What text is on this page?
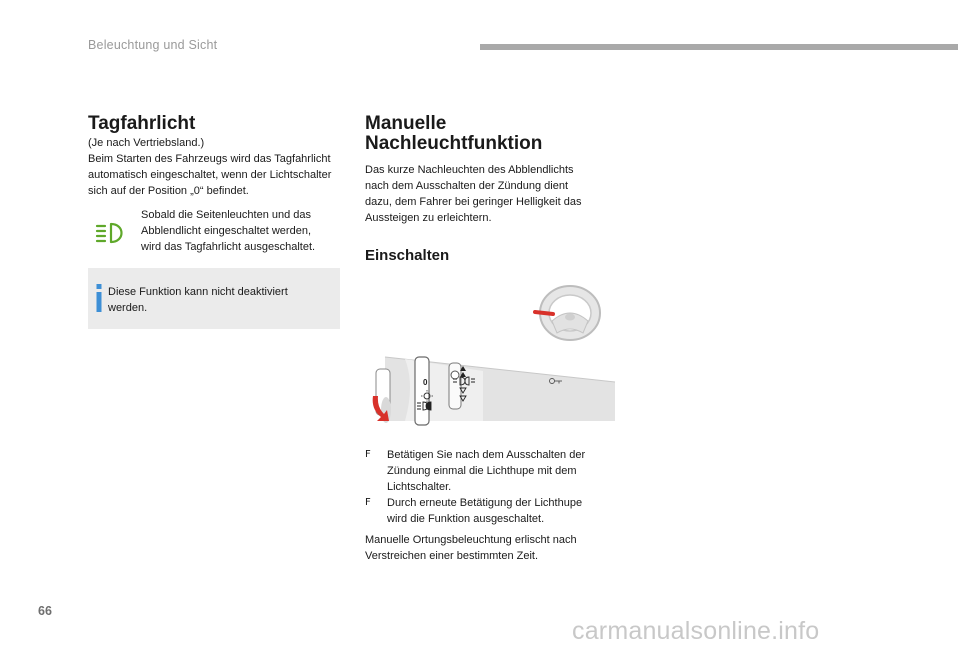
Beleuchtung und Sicht
Tagfahrlicht

(Je nach Vertriebsland.)

Beim Starten des Fahrzeugs wird das Tagfahrlicht

automatisch eingeschaltet, wenn der Lichtschalter

sich auf der Position „0“ befindet.

Sobald die Seitenleuchten und das

Abblendlicht eingeschaltet werden,

wird das Tagfahrlicht ausgeschaltet.

Diese Funktion kann nicht deaktiviert
werden.
Manuelle
Nachleuchtfunktion

Das kurze Nachleuchten des Abblendlichts

nach dem Ausschalten der Zündung dient

dazu, dem Fahrer bei geringer Helligkeit das

Aussteigen zu erleichtern.

Einschalten
0
F	Betätigen Sie nach dem Ausschalten der
Zündung einmal die Lichthupe mit dem
Lichtschalter.
F	Durch erneute Betätigung der Lichthupe
wird die Funktion ausgeschaltet.

Manuelle Ortungsbeleuchtung erlischt nach

Verstreichen einer bestimmten Zeit.

66
carmanualsonline.info
